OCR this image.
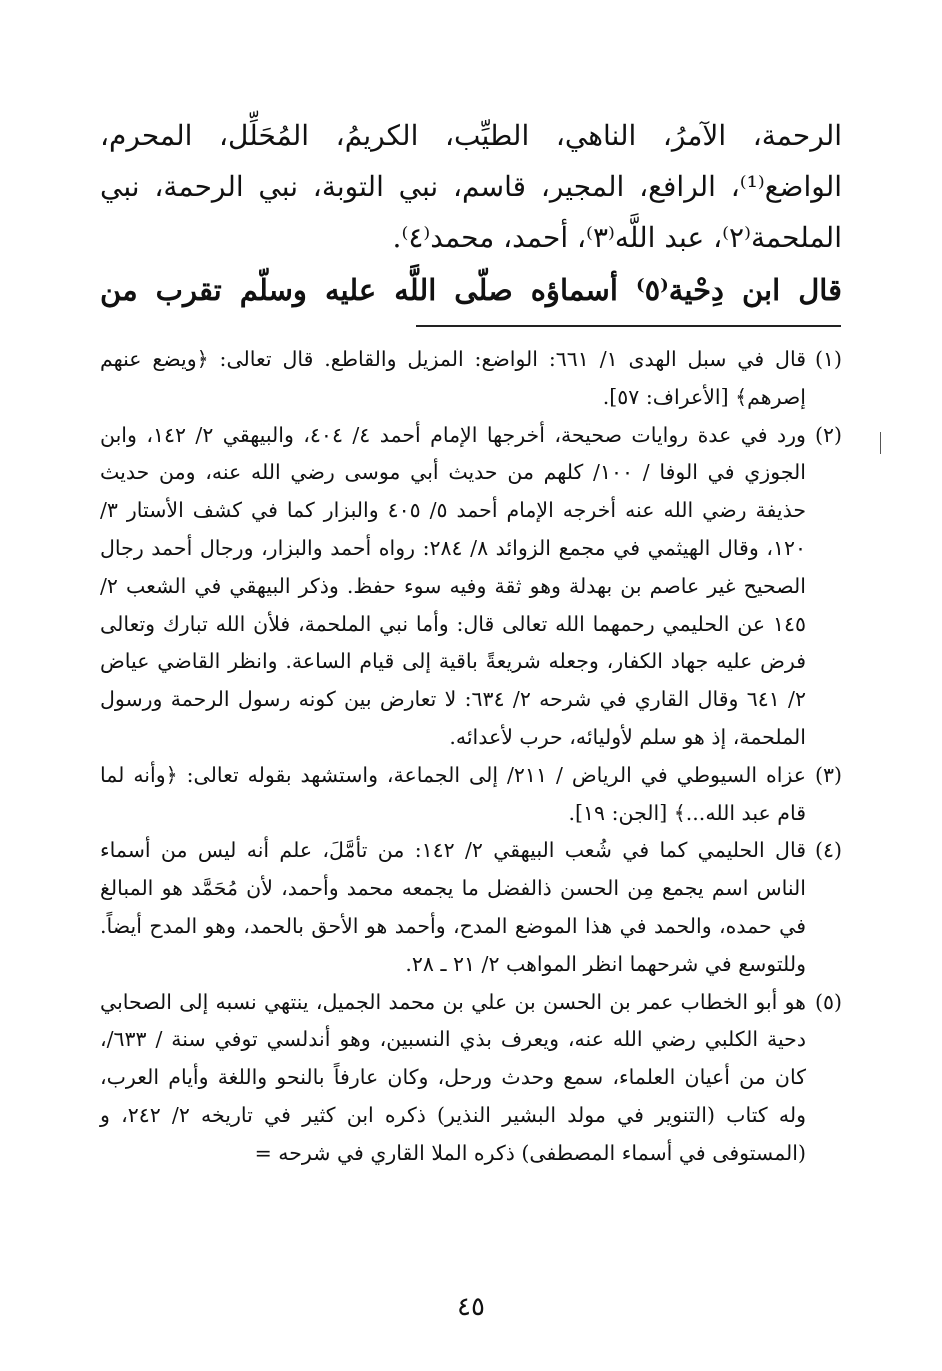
الرحمة، الآمرُ، الناهي، الطيِّب، الكريمُ، المُحَلِّل، المحرم، الواضع⁽¹⁾، الرافع، المجير، قاسم، نبي التوبة، نبي الرحمة، نبي الملحمة⁽٢⁾، عبد اللَّه⁽٣⁾، أحمد، محمد⁽٤⁾.

قال ابن دِحْية⁽٥⁾ أسماؤه صلّى اللَّه عليه وسلّم تقرب من

(١)
قال في سبل الهدى ١/ ٦٦١: الواضع: المزيل والقاطع. قال تعالى: ﴿ويضع عنهم إصرهم﴾ [الأعراف: ٥٧].

(٢)
ورد في عدة روايات صحيحة، أخرجها الإمام أحمد ٤/ ٤٠٤، والبيهقي ٢/ ١٤٢، وابن الجوزي في الوفا / ١٠٠/ كلهم من حديث أبي موسى رضي الله عنه، ومن حديث حذيفة رضي الله عنه أخرجه الإمام أحمد ٥/ ٤٠٥ والبزار كما في كشف الأستار ٣/ ١٢٠، وقال الهيثمي في مجمع الزوائد ٨/ ٢٨٤: رواه أحمد والبزار، ورجال أحمد رجال الصحيح غير عاصم بن بهدلة وهو ثقة وفيه سوء حفظ. وذكر البيهقي في الشعب ٢/ ١٤٥ عن الحليمي رحمهما الله تعالى قال: وأما نبي الملحمة، فلأن الله تبارك وتعالى فرض عليه جهاد الكفار، وجعله شريعةً باقية إلى قيام الساعة. وانظر القاضي عياض ٢/ ٦٤١ وقال القاري في شرحه ٢/ ٦٣٤: لا تعارض بين كونه رسول الرحمة ورسول الملحمة، إذ هو سلم لأوليائه، حرب لأعدائه.

(٣)
عزاه السيوطي في الرياض / ٢١١/ إلى الجماعة، واستشهد بقوله تعالى: ﴿وأنه لما قام عبد الله...﴾ [الجن: ١٩].

(٤)
قال الحليمي كما في شُعب البيهقي ٢/ ١٤٢: من تأمَّلَ، علم أنه ليس من أسماء الناس اسم يجمع مِن الحسن ذالفضل ما يجمعه محمد وأحمد، لأن مُحَمَّد هو المبالغ في حمده، والحمد في هذا الموضع المدح، وأحمد هو الأحق بالحمد، وهو المدح أيضاً. وللتوسع في شرحهما انظر المواهب ٢/ ٢١ ـ ٢٨.

(٥)
هو أبو الخطاب عمر بن الحسن بن علي بن محمد الجميل، ينتهي نسبه إلى الصحابي دحية الكلبي رضي الله عنه، ويعرف بذي النسبين، وهو أندلسي توفي سنة / ٦٣٣/، كان من أعيان العلماء، سمع وحدث ورحل، وكان عارفاً بالنحو واللغة وأيام العرب، وله كتاب (التنوير في مولد البشير النذير) ذكره ابن كثير في تاريخه ٢/ ٢٤٢، و (المستوفى في أسماء المصطفى) ذكره الملا القاري في شرحه =

٤٥
